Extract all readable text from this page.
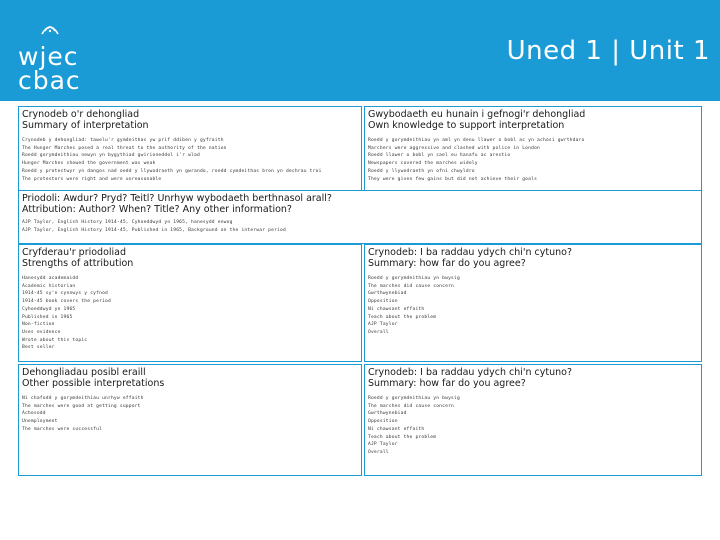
wjec
cbac
Uned 1 | Unit 1
Crynodeb o'r dehongliad
Summary of interpretation

Crynodeb y dehongliad: tawelu'r gymdeithas yw prif ddiben y gyfraith

The Hunger Marches posed a real threat to the authority of the nation

Roedd gorymdeithiau newyn yn bygythiad gwirioneddol i'r wlad

Hunger Marches showed the government was weak

Roedd y protestwyr yn dangos nad oedd y llywodraeth yn gwrando, roedd cymdeithas bron yn dechrau troi

The protestors were right and were unreasonable

Gwybodaeth eu hunain i gefnogi'r dehongliad
Own knowledge to support interpretation

Roedd y gorymdeithiau yn aml yn denu llawer o bobl ac yn achosi gwrthdaro

Marchers were aggressive and clashed with police in London

Roedd llawer o bobl yn cael eu hanafu ac arestio

Newspapers covered the marches widely

Roedd y llywodraeth yn ofni chwyldro

They were given few gains but did not achieve their goals

Priodoli: Awdur? Pryd? Teitl? Unrhyw wybodaeth berthnasol arall?
Attribution: Author? When? Title? Any other information?

AJP Taylor, English History 1914-45, Cyhoeddwyd yn 1965, hanesydd enwog

AJP Taylor, English History 1914-45, Published in 1965, Background on the interwar period

Cryfderau'r priodoliad
Strengths of attribution

Hanesydd academaidd

Academic historian

1914-45 sy'n cynnwys y cyfnod

1914-45 book covers the period

Cyhoeddwyd yn 1965

Published in 1965

Non-fiction

Uses evidence

Wrote about this topic

Best seller

Crynodeb: I ba raddau ydych chi'n cytuno?
Summary: how far do you agree?

Roedd y gorymdeithiau yn bwysig

The marches did cause concern

Gwrthwynebiad

Opposition

Ni chawsant effaith

Teach about the problem

AJP Taylor

Overall

Dehongliadau posibl eraill
Other possible interpretations

Ni chafodd y gorymdeithiau unrhyw effaith

The marches were good at getting support

Achosodd

Unemployment

The marches were successful

Crynodeb: I ba raddau ydych chi'n cytuno?
Summary: how far do you agree?

Roedd y gorymdeithiau yn bwysig

The marches did cause concern

Gwrthwynebiad

Opposition

Ni chawsant effaith

Teach about the problem

AJP Taylor

Overall
